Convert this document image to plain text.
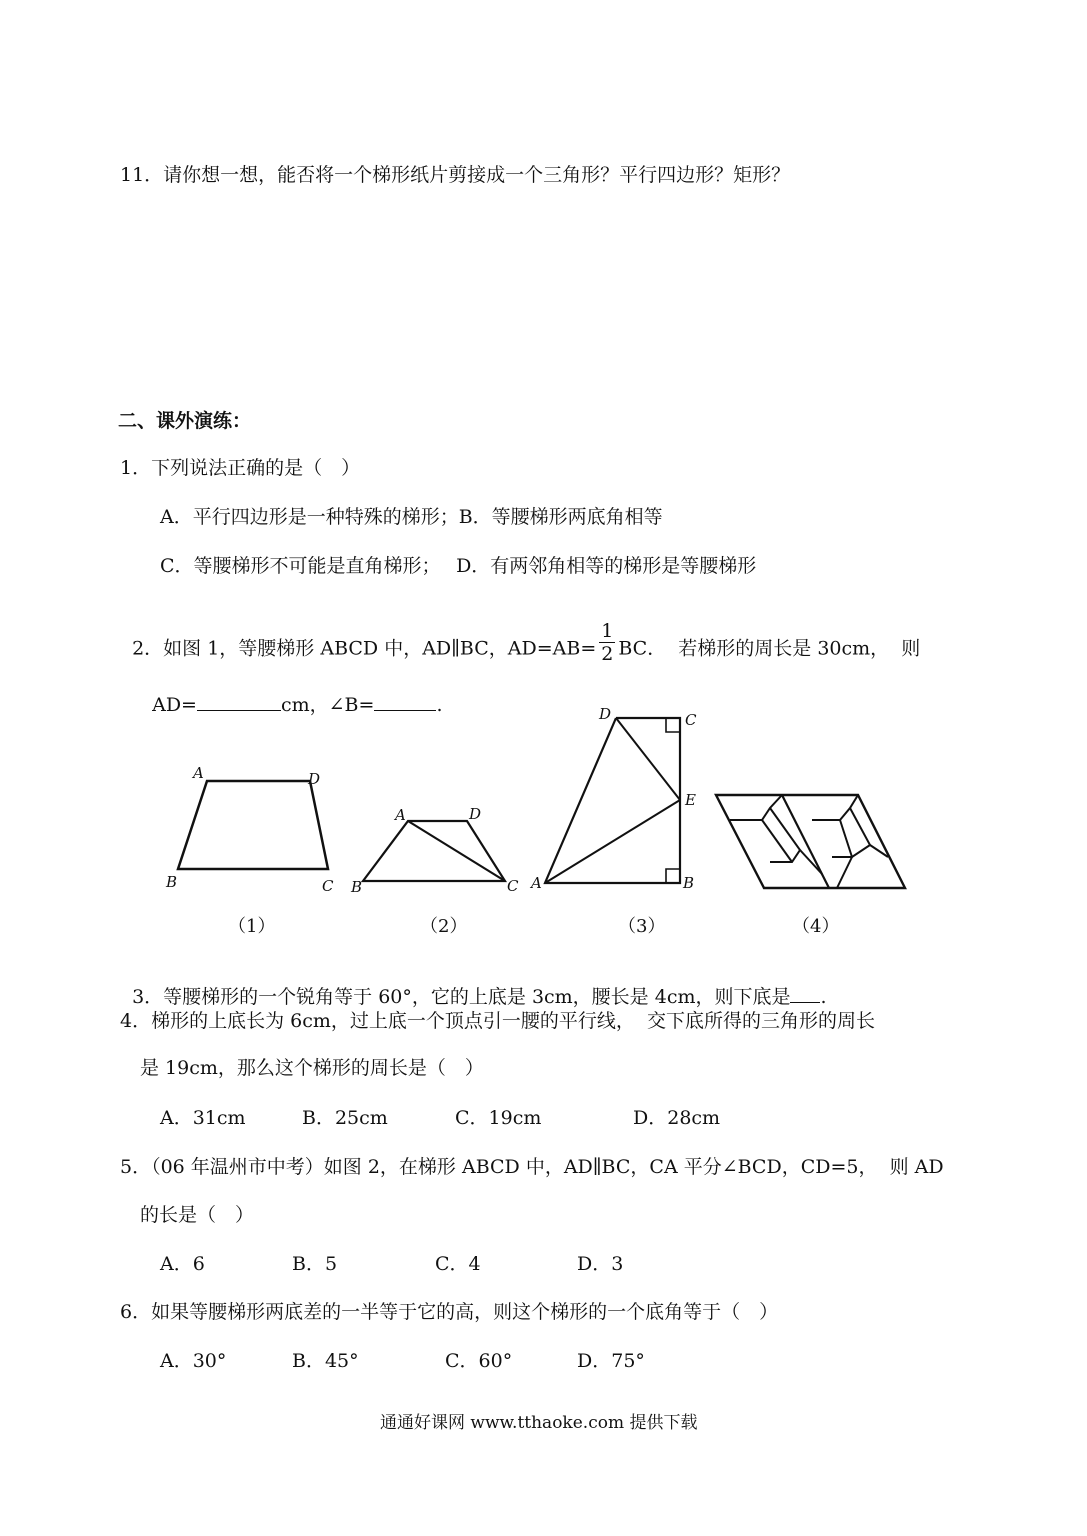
11．请你想一想，能否将一个梯形纸片剪接成一个三角形？平行四边形？矩形？
二、课外演练：
1．下列说法正确的是（　）
A．平行四边形是一种特殊的梯形；B．等腰梯形两底角相等
C．等腰梯形不可能是直角梯形；　 D．有两邻角相等的梯形是等腰梯形

2．如图 1，等腰梯形 ABCD 中，AD∥BC，$AD=AB= \frac{1}{2}$ BC．  若梯形的周长是 30cm，  则

AD=	cm，∠B=	.

A	D
B	C
A	D
B	C
D	C
E
A	B
（1）	（2）	（3）	（4）

3．等腰梯形的一个锐角等于 60°，它的上底是 3cm，腰长是 4cm，则下底是 .

4．梯形的上底长为 6cm，过上底一个顶点引一腰的平行线，  交下底所得的三角形的周长
是 19cm，那么这个梯形的周长是（　）
A．31cm	B．25cm	C．19cm	D．28cm
5．（06 年温州市中考）如图 2，在梯形 ABCD 中，AD∥BC，CA 平分∠BCD，CD=5，  则 AD
的长是（　）
A．6	B．5	C．4	D．3
6．如果等腰梯形两底差的一半等于它的高，则这个梯形的一个底角等于（　）
A．30°	B．45°	C．60°	D．75°
通通好课网 www.tthaoke.com 提供下载
